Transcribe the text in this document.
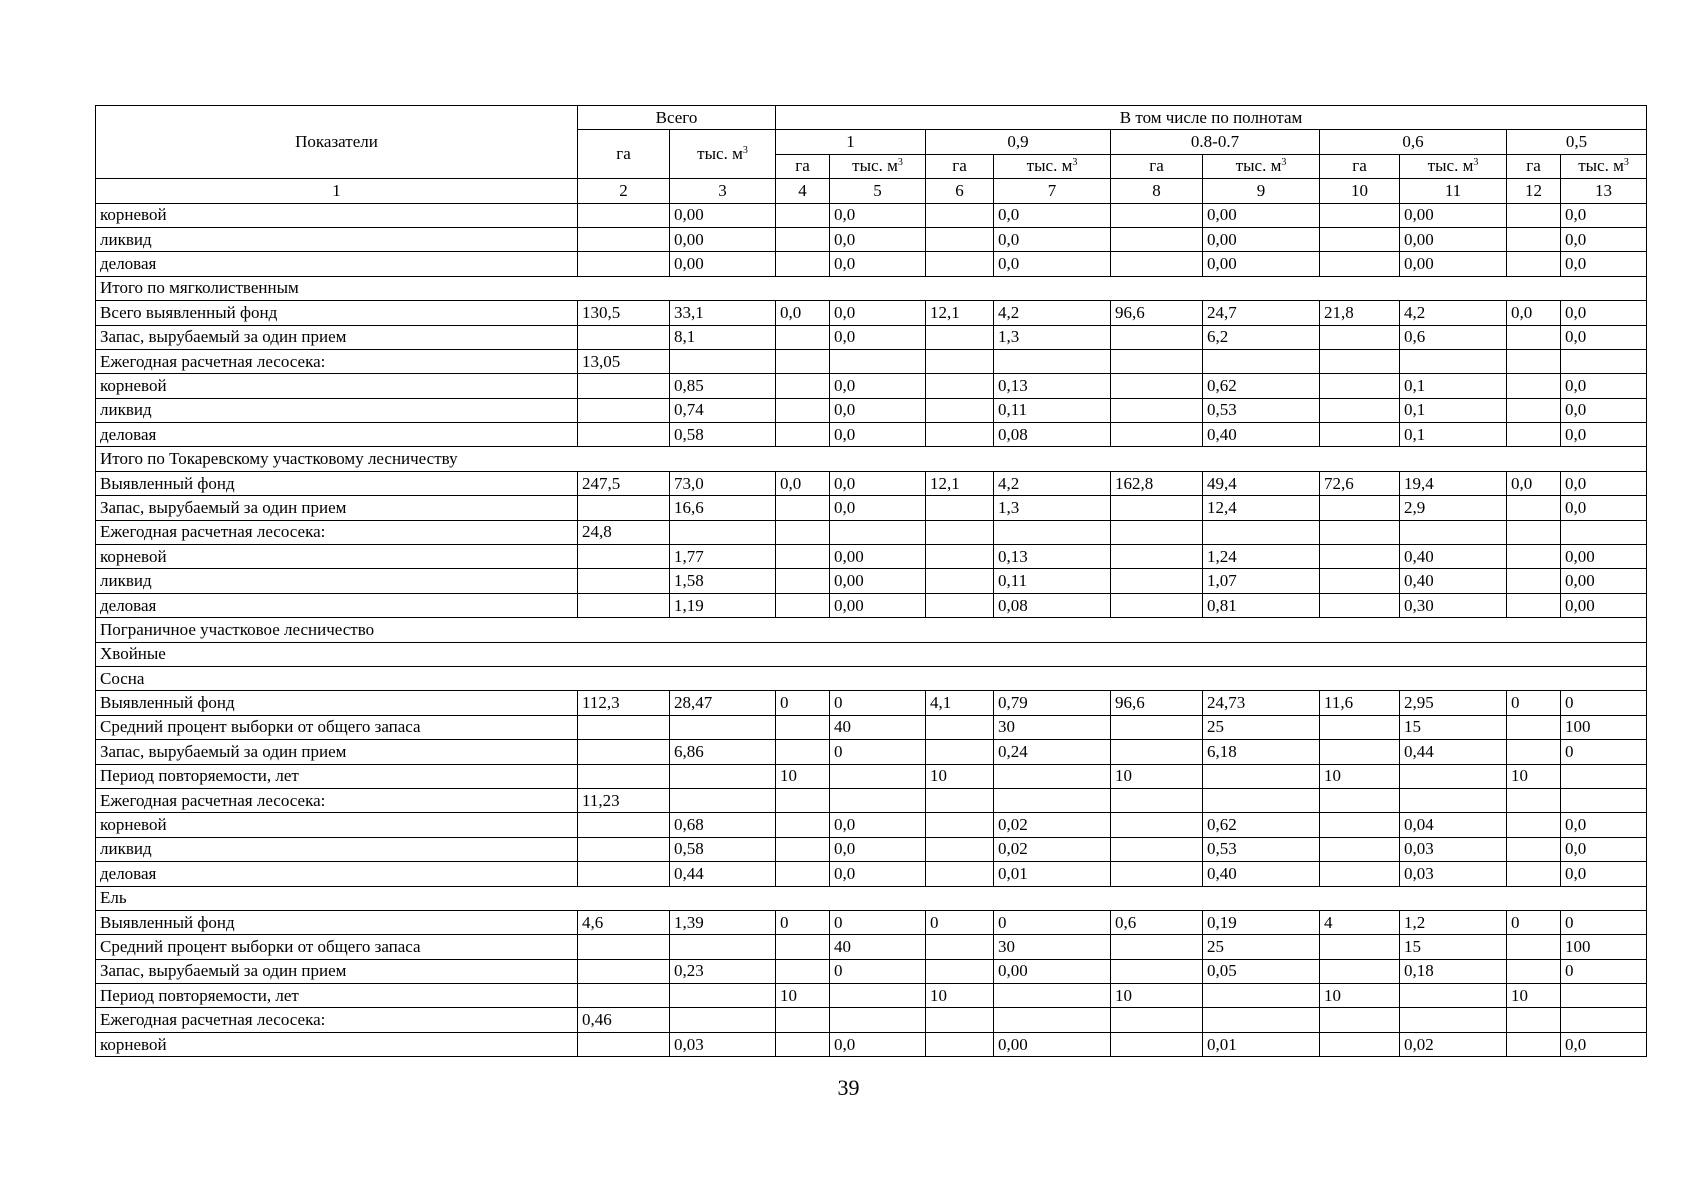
Показатели	Всего		В том числе по полнотам									
	га	тыс. $м^3$	1		0,9		0.8-0.7		0,6		0,5	
			га	тыс. $м^3$	га	тыс. $м^3$	га	тыс. $м^3$	га	тыс. $м^3$	га	тыс. $м^3$
1	2	3	4	5	6	7	8	9	10	11	12	13
корневой		0,00		0,0		0,0		0,00		0,00		0,0
ликвид		0,00		0,0		0,0		0,00		0,00		0,0
деловая		0,00		0,0		0,0		0,00		0,00		0,0
Итого по мягколиственным												
Всего выявленный фонд	130,5	33,1	0,0	0,0	12,1	4,2	96,6	24,7	21,8	4,2	0,0	0,0
Запас, вырубаемый за один прием		8,1		0,0		1,3		6,2		0,6		0,0
Ежегодная расчетная лесосека:	13,05											
корневой		0,85		0,0		0,13		0,62		0,1		0,0
ликвид		0,74		0,0		0,11		0,53		0,1		0,0
деловая		0,58		0,0		0,08		0,40		0,1		0,0
Итого по Токаревскому участковому лесничеству												
Выявленный фонд	247,5	73,0	0,0	0,0	12,1	4,2	162,8	49,4	72,6	19,4	0,0	0,0
Запас, вырубаемый за один прием		16,6		0,0		1,3		12,4		2,9		0,0
Ежегодная расчетная лесосека:	24,8											
корневой		1,77		0,00		0,13		1,24		0,40		0,00
ликвид		1,58		0,00		0,11		1,07		0,40		0,00
деловая		1,19		0,00		0,08		0,81		0,30		0,00
Пограничное участковое лесничество												
Хвойные												
Сосна												
Выявленный фонд	112,3	28,47	0	0	4,1	0,79	96,6	24,73	11,6	2,95	0	0
Средний процент выборки от общего запаса				40		30		25		15		100
Запас, вырубаемый за один прием		6,86		0		0,24		6,18		0,44		0
Период повторяемости, лет			10		10		10		10		10	
Ежегодная расчетная лесосека:	11,23											
корневой		0,68		0,0		0,02		0,62		0,04		0,0
ликвид		0,58		0,0		0,02		0,53		0,03		0,0
деловая		0,44		0,0		0,01		0,40		0,03		0,0
Ель												
Выявленный фонд	4,6	1,39	0	0	0	0	0,6	0,19	4	1,2	0	0
Средний процент выборки от общего запаса				40		30		25		15		100
Запас, вырубаемый за один прием		0,23		0		0,00		0,05		0,18		0
Период повторяемости, лет			10		10		10		10		10	
Ежегодная расчетная лесосека:	0,46											
корневой		0,03		0,0		0,00		0,01		0,02		0,0
39
